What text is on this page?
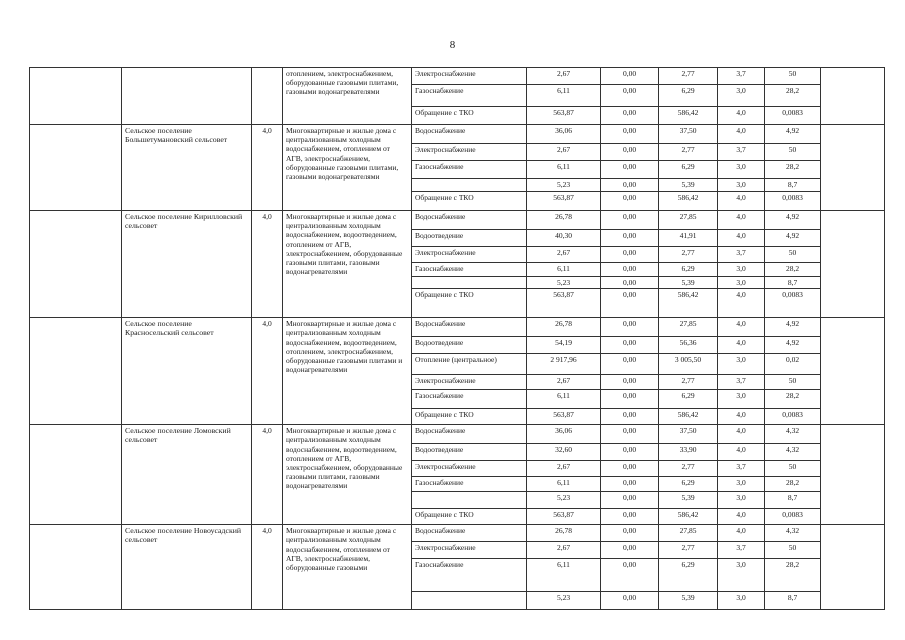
8
			отоплением, электроснабжением, оборудованные газовыми плитами, газовыми водонагревателями	Электроснабжение	2,67	0,00	2,77	3,7	50	
				Газоснабжение	6,11	0,00	6,29	3,0	28,2	
				Обращение с ТКО	563,87	0,00	586,42	4,0	0,0083	
	Сельское поселение Большетумановский сельсовет	4,0	Многоквартирные и жилые дома с централизованным холодным водоснабжением, отоплением от АГВ, электроснабжением, оборудованные газовыми плитами, газовыми водонагревателями	Водоснабжение	36,06	0,00	37,50	4,0	4,92	
				Электроснабжение	2,67	0,00	2,77	3,7	50	
				Газоснабжение	6,11	0,00	6,29	3,0	28,2	
					5,23	0,00	5,39	3,0	8,7	
				Обращение с ТКО	563,87	0,00	586,42	4,0	0,0083	
	Сельское поселение Кирилловский сельсовет	4,0	Многоквартирные и жилые дома с централизованным холодным водоснабжением, водоотведением, отоплением от АГВ, электроснабжением, оборудованные газовыми плитами, газовыми водонагревателями	Водоснабжение	26,78	0,00	27,85	4,0	4,92	
				Водоотведение	40,30	0,00	41,91	4,0	4,92	
				Электроснабжение	2,67	0,00	2,77	3,7	50	
				Газоснабжение	6,11	0,00	6,29	3,0	28,2	
					5,23	0,00	5,39	3,0	8,7	
				Обращение с ТКО	563,87	0,00	586,42	4,0	0,0083	
	Сельское поселение Красносельский сельсовет	4,0	Многоквартирные и жилые дома с централизованным холодным водоснабжением, водоотведением, отоплением, электроснабжением, оборудованные газовыми плитами и водонагревателями	Водоснабжение	26,78	0,00	27,85	4,0	4,92	
				Водоотведение	54,19	0,00	56,36	4,0	4,92	
				Отопление (центральное)	2 917,96	0,00	3 005,50	3,0	0,02	
				Электроснабжение	2,67	0,00	2,77	3,7	50	
				Газоснабжение	6,11	0,00	6,29	3,0	28,2	
				Обращение с ТКО	563,87	0,00	586,42	4,0	0,0083	
	Сельское поселение Ломовский сельсовет	4,0	Многоквартирные и жилые дома с централизованным холодным водоснабжением, водоотведением, отоплением от АГВ, электроснабжением, оборудованные газовыми плитами, газовыми водонагревателями	Водоснабжение	36,06	0,00	37,50	4,0	4,32	
				Водоотведение	32,60	0,00	33,90	4,0	4,32	
				Электроснабжение	2,67	0,00	2,77	3,7	50	
				Газоснабжение	6,11	0,00	6,29	3,0	28,2	
					5,23	0,00	5,39	3,0	8,7	
				Обращение с ТКО	563,87	0,00	586,42	4,0	0,0083	
	Сельское поселение Новоусадский сельсовет	4,0	Многоквартирные и жилые дома с централизованным холодным водоснабжением, отоплением от АГВ, электроснабжением, оборудованные газовыми	Водоснабжение	26,78	0,00	27,85	4,0	4,32	
				Электроснабжение	2,67	0,00	2,77	3,7	50	
				Газоснабжение	6,11	0,00	6,29	3,0	28,2	
					5,23	0,00	5,39	3,0	8,7	
